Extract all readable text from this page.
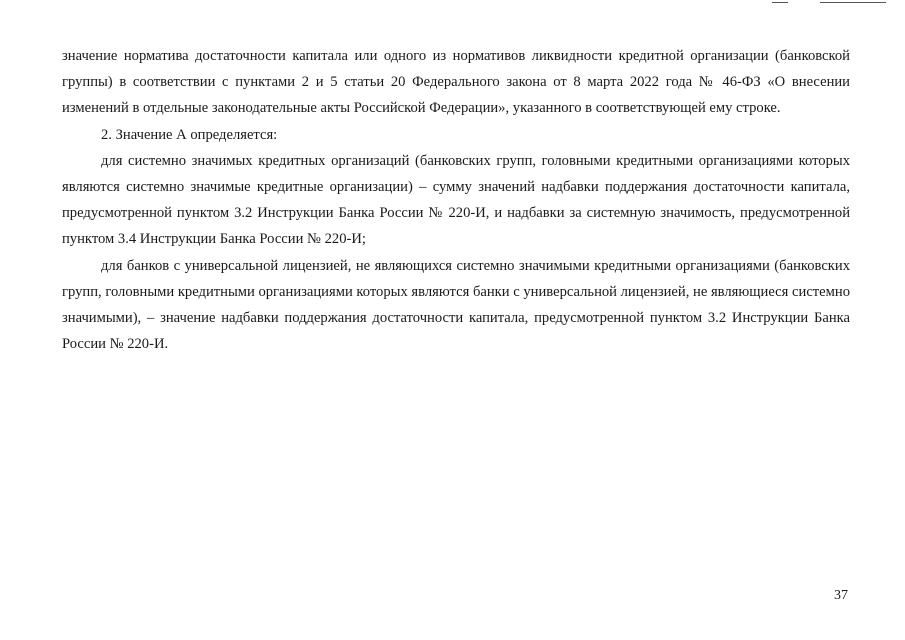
значение норматива достаточности капитала или одного из нормативов ликвидности кредитной организации (банковской группы) в соответствии с пунктами 2 и 5 статьи 20 Федерального закона от 8 марта 2022 года № 46-ФЗ «О внесении изменений в отдельные законодательные акты Российской Федерации», указанного в соответствующей ему строке.

2. Значение А определяется:

для системно значимых кредитных организаций (банковских групп, головными кредитными организациями которых являются системно значимые кредитные организации) – сумму значений надбавки поддержания достаточности капитала, предусмотренной пунктом 3.2 Инструкции Банка России № 220-И, и надбавки за системную значимость, предусмотренной пунктом 3.4 Инструкции Банка России № 220-И;

для банков с универсальной лицензией, не являющихся системно значимыми кредитными организациями (банковских групп, головными кредитными организациями которых являются банки с универсальной лицензией, не являющиеся системно значимыми), – значение надбавки поддержания достаточности капитала, предусмотренной пунктом 3.2 Инструкции Банка России № 220-И.

37
